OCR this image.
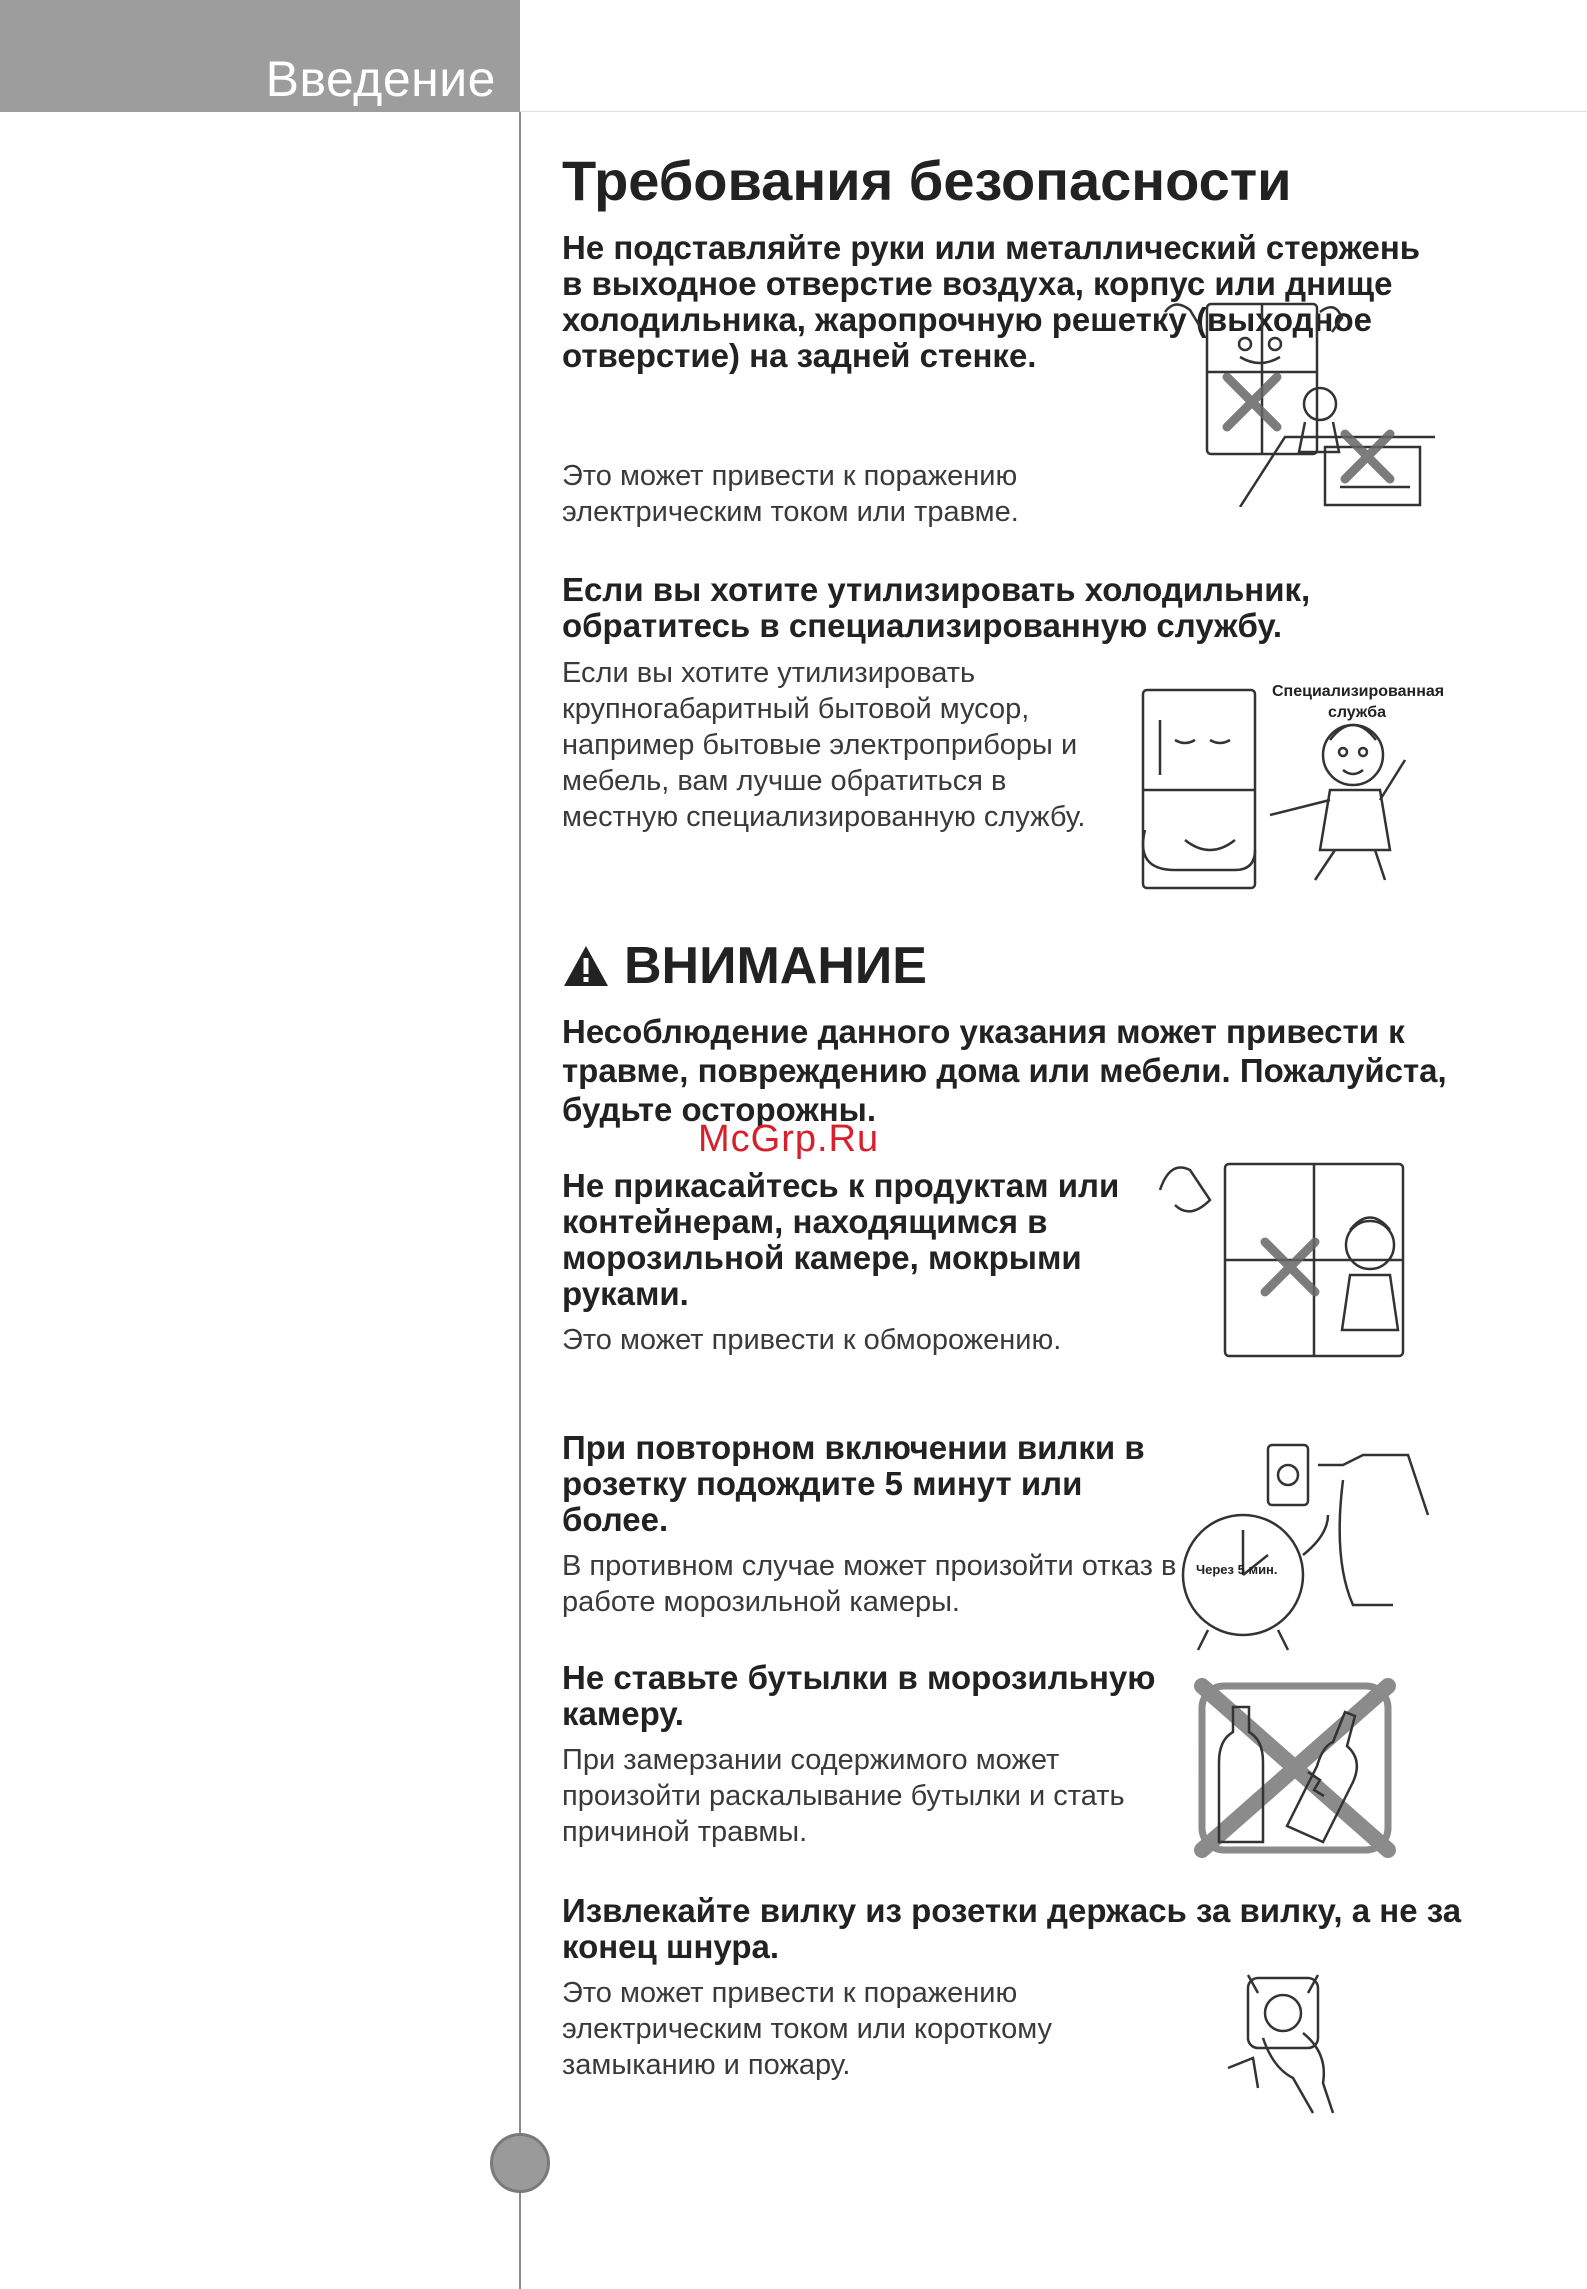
Введение
Требования безопасности

Не подставляйте руки или металлический стержень в выходное отверстие воздуха, корпус или днище холодильника, жаропрочную решетку (выходное отверстие) на задней стенке.

Это может привести к поражению электрическим током или травме.

Если вы хотите утилизировать холодильник, обратитесь в специализированную службу.

Если вы хотите утилизировать крупногабаритный бытовой мусор, например бытовые электроприборы и мебель, вам лучше обратиться в местную специализированную службу.

Специализированная служба
ВНИМАНИЕ

Несоблюдение данного указания может привести к травме, повреждению дома или мебели. Пожалуйста, будьте осторожны.

McGrp.Ru

Не прикасайтесь к продуктам или контейнерам, находящимся в морозильной камере, мокрыми руками.

Это может привести к обморожению.

При повторном включении вилки в розетку подождите 5 минут или более.

В противном случае может произойти отказ в работе морозильной камеры.

Через 5 мин.

Не ставьте бутылки в морозильную камеру.

При замерзании содержимого может произойти раскалывание бутылки и стать причиной травмы.

Извлекайте вилку из розетки держась за вилку, а не за конец шнура.

Это может привести к поражению электрическим током или короткому замыканию и пожару.
